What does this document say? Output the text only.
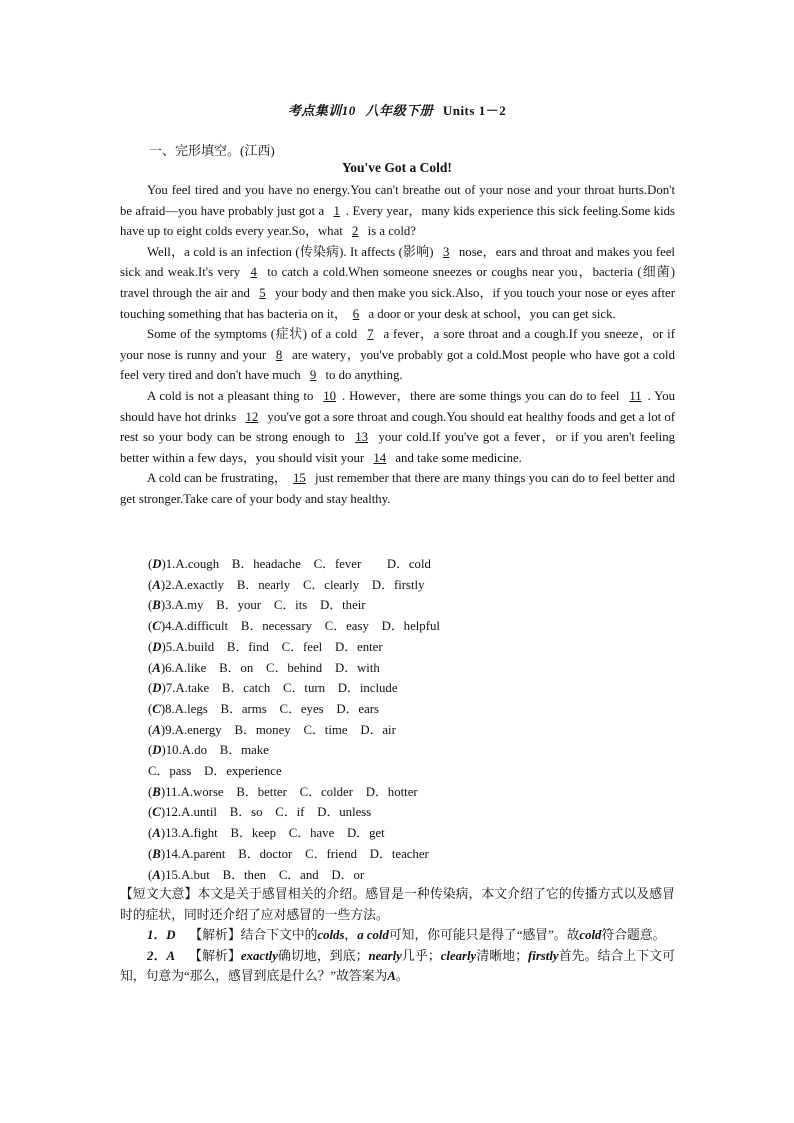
考点集训10 八年级下册 Units 1－2
一、完形填空。(江西)
You've Got a Cold!

You feel tired and you have no energy.You can't breathe out of your nose and your throat hurts.Don't be afraid—you have probably just got a 1 . Every year，many kids experience this sick feeling.Some kids have up to eight colds every year.So，what 2 is a cold?

Well，a cold is an infection (传染病). It affects (影响) 3 nose，ears and throat and makes you feel sick and weak.It's very 4 to catch a cold.When someone sneezes or coughs near you，bacteria (细菌) travel through the air and 5 your body and then make you sick.Also，if you touch your nose or eyes after touching something that has bacteria on it， 6 a door or your desk at school，you can get sick.

Some of the symptoms (症状) of a cold 7 a fever，a sore throat and a cough.If you sneeze，or if your nose is runny and your 8 are watery，you've probably got a cold.Most people who have got a cold feel very tired and don't have much 9 to do anything.

A cold is not a pleasant thing to 10 . However，there are some things you can do to feel 11 . You should have hot drinks 12 you've got a sore throat and cough.You should eat healthy foods and get a lot of rest so your body can be strong enough to 13 your cold.If you've got a fever，or if you aren't feeling better within a few days，you should visit your 14 and take some medicine.

A cold can be frustrating， 15 just remember that there are many things you can do to feel better and get stronger.Take care of your body and stay healthy.

(D)1.A.cough　B．headache　C．fever　　D．cold
(A)2.A.exactly　B．nearly　C．clearly　D．firstly
(B)3.A.my　B．your　C．its　D．their
(C)4.A.difficult　B．necessary　C．easy　D．helpful
(D)5.A.build　B．find　C．feel　D．enter
(A)6.A.like　B．on　C．behind　D．with
(D)7.A.take　B．catch　C．turn　D．include
(C)8.A.legs　B．arms　C．eyes　D．ears
(A)9.A.energy　B．money　C．time　D．air
(D)10.A.do　B．make
C．pass　D．experience
(B)11.A.worse　B．better　C．colder　D．hotter
(C)12.A.until　B．so　C．if　D．unless
(A)13.A.fight　B．keep　C．have　D．get
(B)14.A.parent　B．doctor　C．friend　D．teacher
(A)15.A.but　B．then　C．and　D．or

【短文大意】本文是关于感冒相关的介绍。感冒是一种传染病，本文介绍了它的传播方式以及感冒时的症状，同时还介绍了应对感冒的一些方法。

1．D 【解析】结合下文中的colds，a cold可知，你可能只是得了“感冒”。故cold符合题意。

2．A 【解析】exactly确切地，到底；nearly几乎；clearly清晰地；firstly首先。结合上下文可知，句意为“那么，感冒到底是什么？”故答案为A。
